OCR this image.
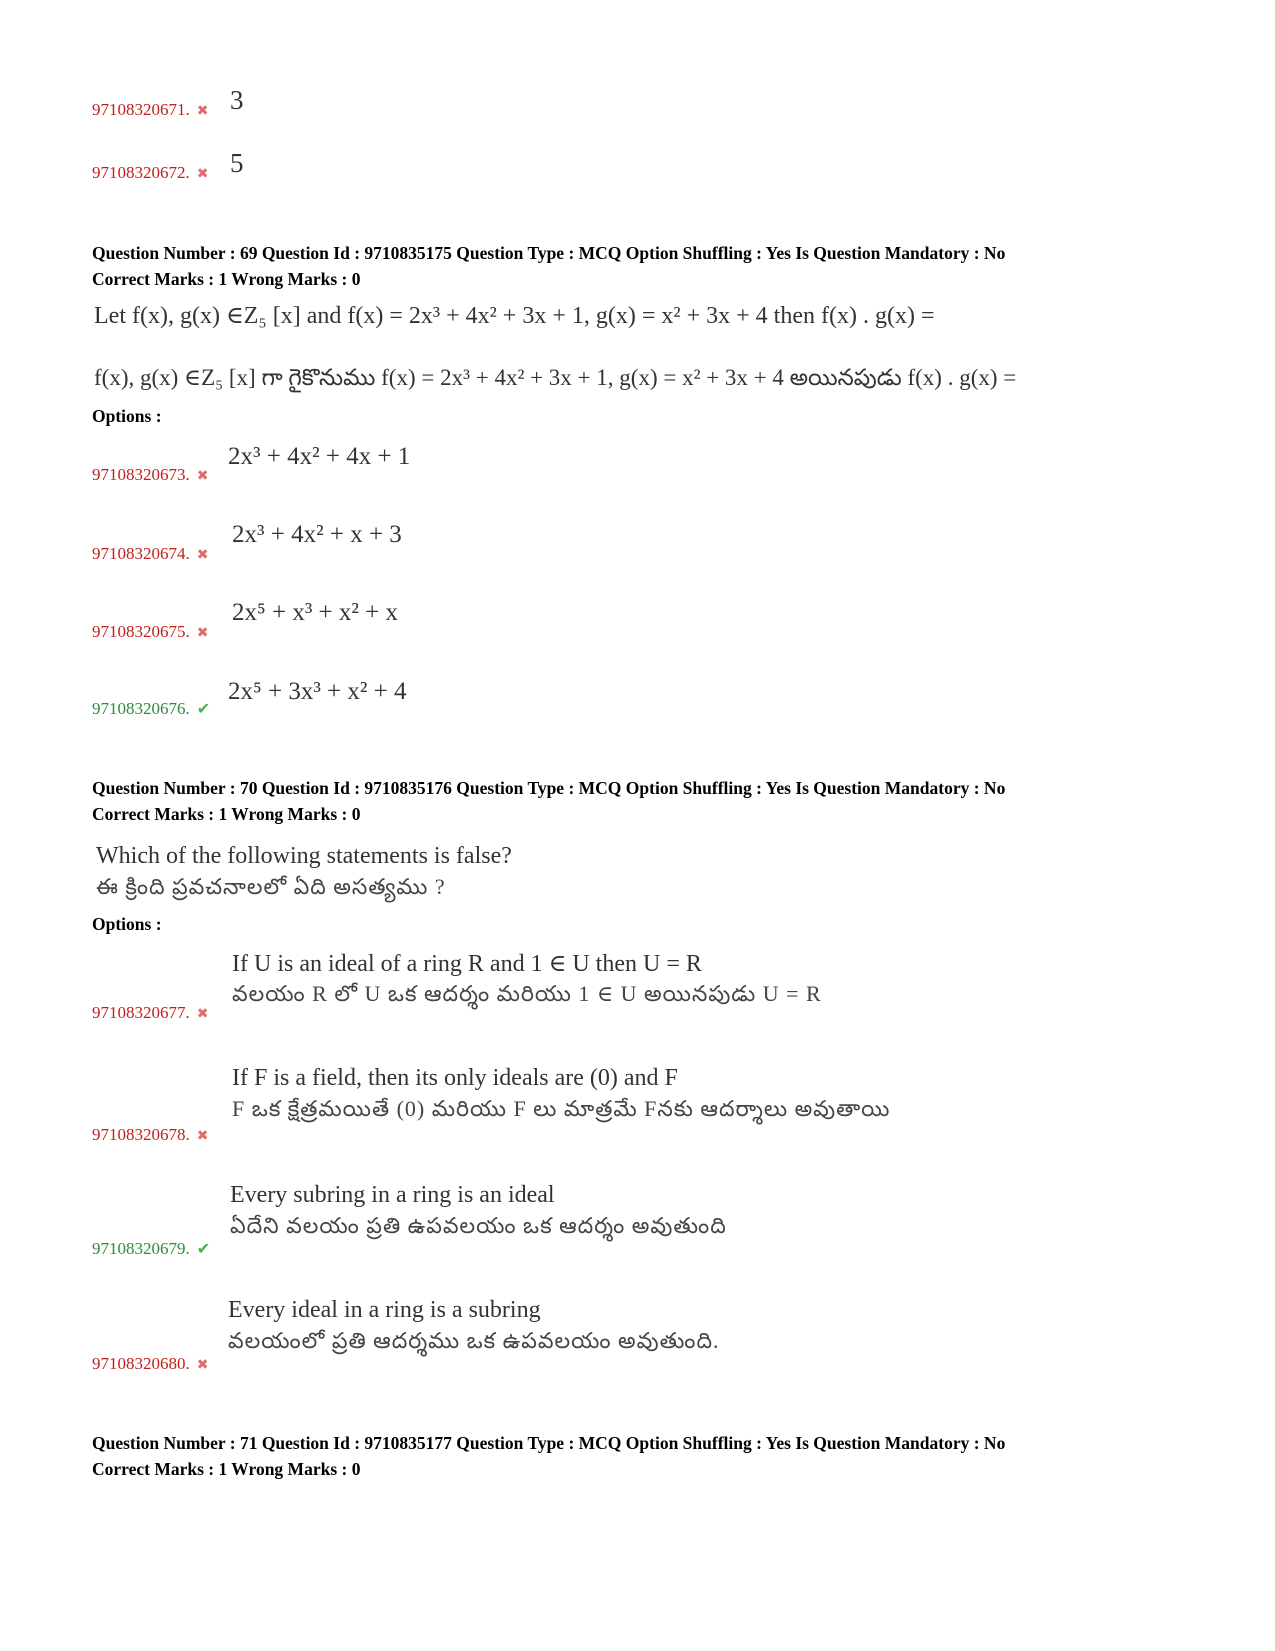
97108320671. ✖ 3
97108320672. ✖ 5
Question Number : 69 Question Id : 9710835175 Question Type : MCQ Option Shuffling : Yes Is Question Mandatory : No
Correct Marks : 1 Wrong Marks : 0
Let f(x), g(x) ∈Z₅ [x] and f(x) = 2x³ + 4x² + 3x + 1, g(x) = x² + 3x + 4 then f(x) . g(x) =
f(x), g(x) ∈Z₅ [x] గా గైకొనుము f(x) = 2x³ + 4x² + 3x + 1, g(x) = x² + 3x + 4 అయినపుడు f(x) . g(x) =
Options :
97108320673. ✖
2x³ + 4x² + 4x + 1
97108320674. ✖
2x³ + 4x² + x + 3
97108320675. ✖
2x⁵ + x³ + x² + x
97108320676. ✔
2x⁵ + 3x³ + x² + 4
Question Number : 70 Question Id : 9710835176 Question Type : MCQ Option Shuffling : Yes Is Question Mandatory : No
Correct Marks : 1 Wrong Marks : 0
Which of the following statements is false?
ఈ క్రింది ప్రవచనాలలో ఏది అసత్యము ?
Options :
If U is an ideal of a ring R and 1 ∈ U then U = R
వలయం R లో U ఒక ఆదర్శం మరియు 1 ∈ U అయినపుడు U = R
97108320677. ✖
If F is a field, then its only ideals are (0) and F
F ఒక క్షేత్రమయితే (0) మరియు F లు మాత్రమే Fనకు ఆదర్శాలు అవుతాయి
97108320678. ✖
Every subring in a ring is an ideal
ఏదేని వలయం ప్రతి ఉపవలయం ఒక ఆదర్శం అవుతుంది
97108320679. ✔
Every ideal in a ring is a subring
వలయంలో ప్రతి ఆదర్శము ఒక ఉపవలయం అవుతుంది.
97108320680. ✖
Question Number : 71 Question Id : 9710835177 Question Type : MCQ Option Shuffling : Yes Is Question Mandatory : No
Correct Marks : 1 Wrong Marks : 0
